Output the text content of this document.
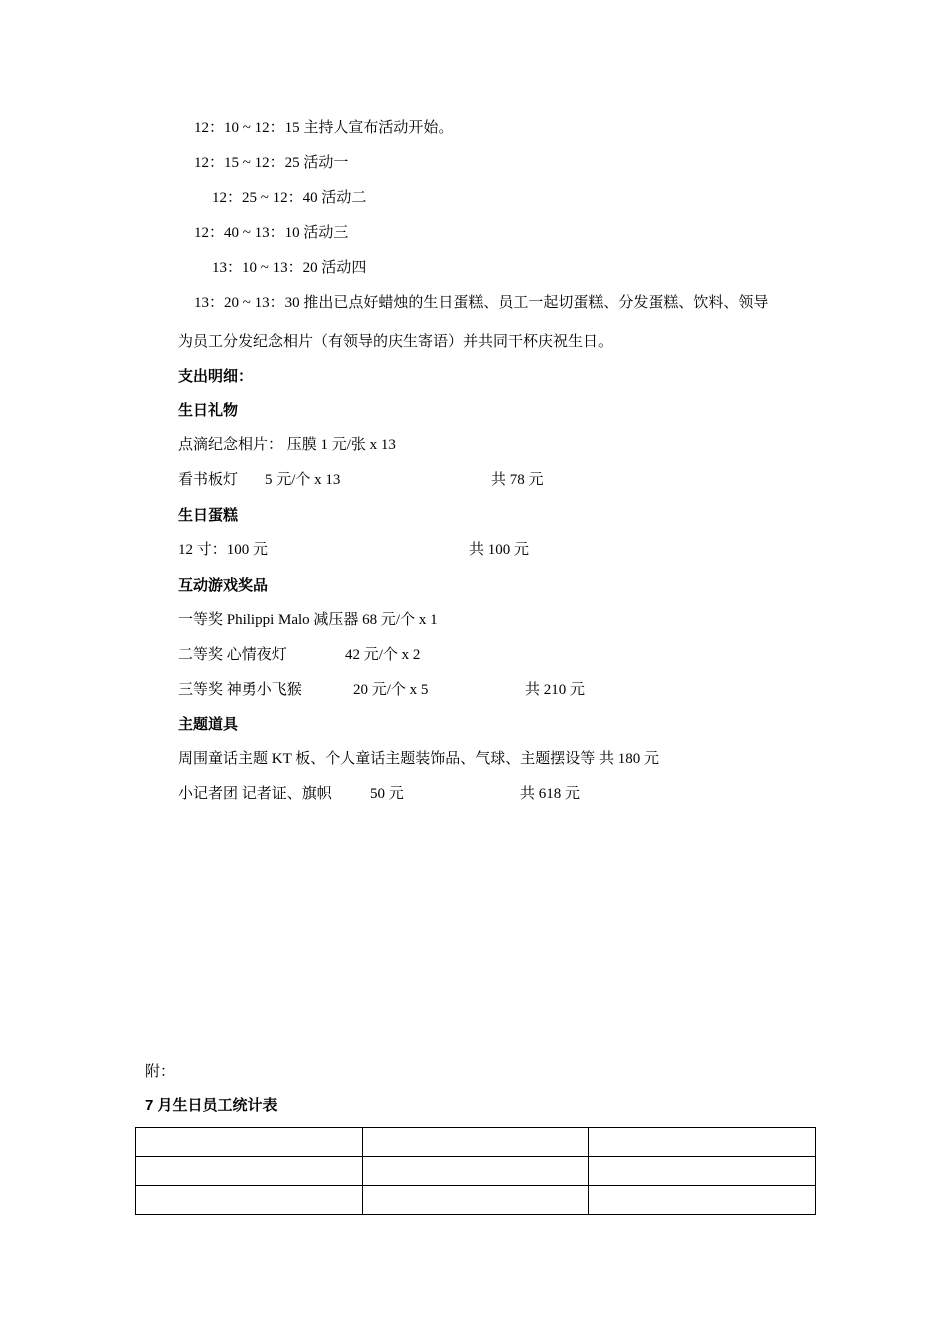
12：10 ~ 12：15 主持人宣布活动开始。
12：15 ~ 12：25 活动一
12：25 ~ 12：40 活动二
12：40 ~ 13：10 活动三
13：10 ~ 13：20 活动四
13：20 ~ 13：30 推出已点好蜡烛的生日蛋糕、员工一起切蛋糕、分发蛋糕、饮料、领导
为员工分发纪念相片（有领导的庆生寄语）并共同干杯庆祝生日。
支出明细：
生日礼物
点滴纪念相片： 压膜 1 元/张 x 13
看书板灯 5 元/个 x 13	共 78 元
生日蛋糕
12 寸：100 元	共 100 元
互动游戏奖品
一等奖 Philippi Malo 减压器 68 元/个 x 1
二等奖 心情夜灯	42 元/个 x 2
三等奖 神勇小飞猴	20 元/个 x 5	共 210 元
主题道具
周围童话主题 KT 板、个人童话主题装饰品、气球、主题摆设等 共 180 元
小记者团 记者证、旗帜	50 元	共 618 元
附：
7 月生日员工统计表
